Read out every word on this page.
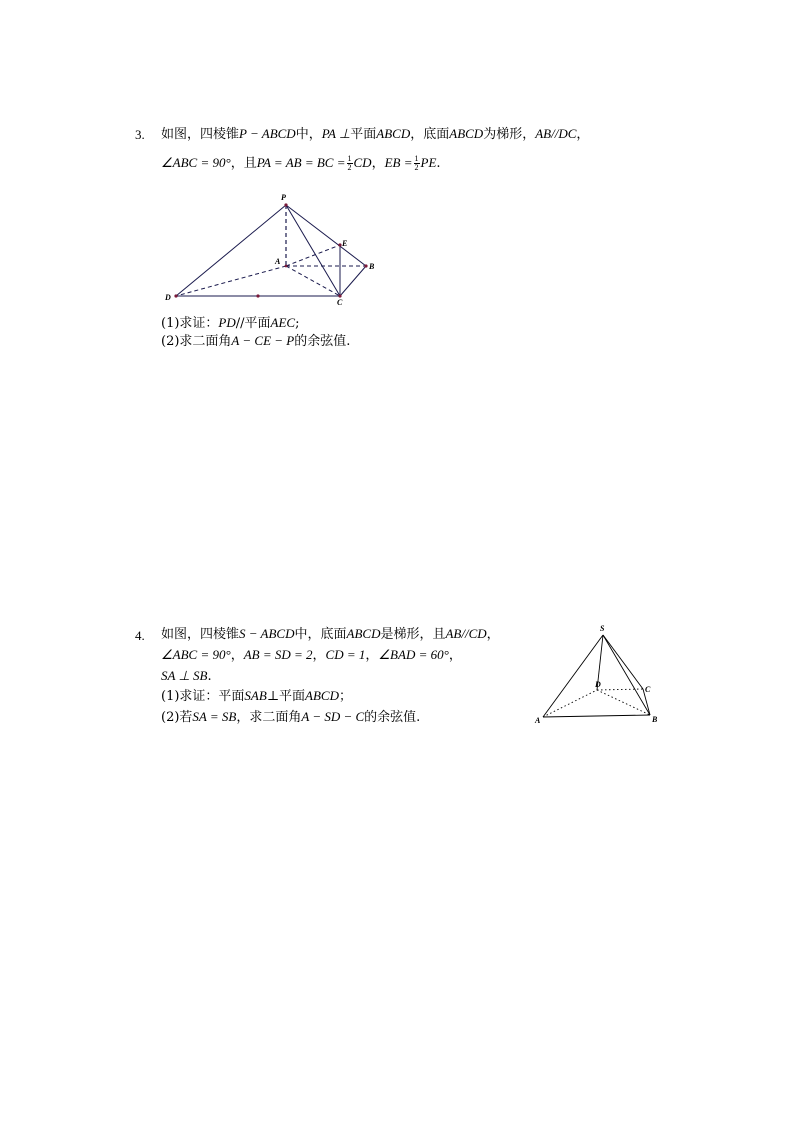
3. 如图，四棱锥P − ABCD中，PA ⊥平面ABCD，底面ABCD为梯形，AB//DC，
∠ABC = 90°，且PA = AB = BC = $\frac{1}{2}$ CD，EB = $\frac{1}{2}$ PE.
P
E
A
B
D
C
(1)求证：PD//平面AEC;
(2)求二面角A − CE − P的余弦值.
4. 如图，四棱锥S − ABCD中，底面ABCD是梯形，且AB//CD，
∠ABC = 90°，AB = SD = 2，CD = 1，∠BAD = 60°，
SA ⊥ SB.
(1)求证：平面SAB⊥平面ABCD；
(2)若SA = SB，求二面角A − SD − C的余弦值.
S
D
C
A	B
